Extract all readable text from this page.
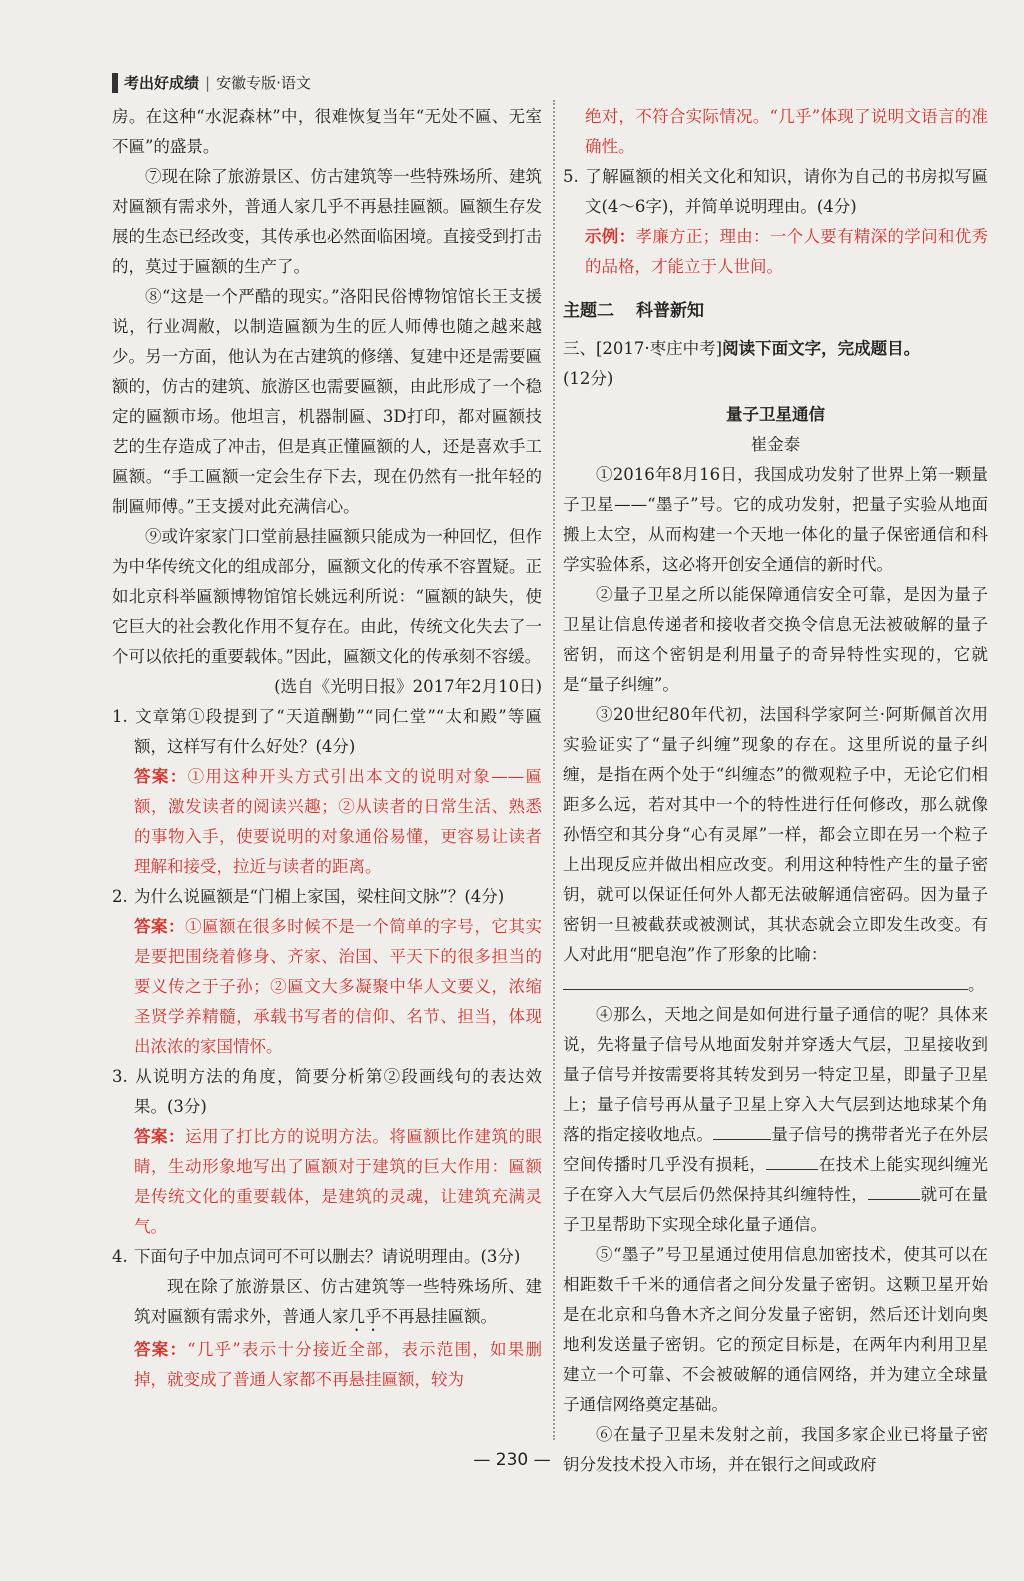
考出好成绩 | 安徽专版·语文

房。在这种“水泥森林”中，很难恢复当年“无处不匾、无室不匾”的盛景。

⑦现在除了旅游景区、仿古建筑等一些特殊场所、建筑对匾额有需求外，普通人家几乎不再悬挂匾额。匾额生存发展的生态已经改变，其传承也必然面临困境。直接受到打击的，莫过于匾额的生产了。

⑧“这是一个严酷的现实。”洛阳民俗博物馆馆长王支援说，行业凋敝，以制造匾额为生的匠人师傅也随之越来越少。另一方面，他认为在古建筑的修缮、复建中还是需要匾额的，仿古的建筑、旅游区也需要匾额，由此形成了一个稳定的匾额市场。他坦言，机器制匾、3D打印，都对匾额技艺的生存造成了冲击，但是真正懂匾额的人，还是喜欢手工匾额。“手工匾额一定会生存下去，现在仍然有一批年轻的制匾师傅。”王支援对此充满信心。

⑨或许家家门口堂前悬挂匾额只能成为一种回忆，但作为中华传统文化的组成部分，匾额文化的传承不容置疑。正如北京科举匾额博物馆馆长姚远利所说：“匾额的缺失，使它巨大的社会教化作用不复存在。由此，传统文化失去了一个可以依托的重要载体。”因此，匾额文化的传承刻不容缓。

(选自《光明日报》2017年2月10日)

1. 文章第①段提到了“天道酬勤”“同仁堂”“太和殿”等匾额，这样写有什么好处？(4分)

答案：①用这种开头方式引出本文的说明对象——匾额，激发读者的阅读兴趣；②从读者的日常生活、熟悉的事物入手，使要说明的对象通俗易懂，更容易让读者理解和接受，拉近与读者的距离。

2. 为什么说匾额是“门楣上家国，梁柱间文脉”？(4分)

答案：①匾额在很多时候不是一个简单的字号，它其实是要把围绕着修身、齐家、治国、平天下的很多担当的要义传之于子孙；②匾文大多凝聚中华人文要义，浓缩圣贤学养精髓，承载书写者的信仰、名节、担当，体现出浓浓的家国情怀。

3. 从说明方法的角度，简要分析第②段画线句的表达效果。(3分)

答案：运用了打比方的说明方法。将匾额比作建筑的眼睛，生动形象地写出了匾额对于建筑的巨大作用：匾额是传统文化的重要载体，是建筑的灵魂，让建筑充满灵气。

4. 下面句子中加点词可不可以删去？请说明理由。(3分)

现在除了旅游景区、仿古建筑等一些特殊场所、建筑对匾额有需求外，普通人家几乎不再悬挂匾额。

答案：“几乎”表示十分接近全部，表示范围，如果删掉，就变成了普通人家都不再悬挂匾额，较为

绝对，不符合实际情况。“几乎”体现了说明文语言的准确性。

5. 了解匾额的相关文化和知识，请你为自己的书房拟写匾文(4～6字)，并简单说明理由。(4分)

示例：孝廉方正；理由：一个人要有精深的学问和优秀的品格，才能立于人世间。

主题二 科普新知

三、[2017·枣庄中考]阅读下面文字，完成题目。

(12分)

量子卫星通信

崔金泰

①2016年8月16日，我国成功发射了世界上第一颗量子卫星——“墨子”号。它的成功发射，把量子实验从地面搬上太空，从而构建一个天地一体化的量子保密通信和科学实验体系，这必将开创安全通信的新时代。

②量子卫星之所以能保障通信安全可靠，是因为量子卫星让信息传递者和接收者交换令信息无法被破解的量子密钥，而这个密钥是利用量子的奇异特性实现的，它就是“量子纠缠”。

③20世纪80年代初，法国科学家阿兰·阿斯佩首次用实验证实了“量子纠缠”现象的存在。这里所说的量子纠缠，是指在两个处于“纠缠态”的微观粒子中，无论它们相距多么远，若对其中一个的特性进行任何修改，那么就像孙悟空和其分身“心有灵犀”一样，都会立即在另一个粒子上出现反应并做出相应改变。利用这种特性产生的量子密钥，就可以保证任何外人都无法破解通信密码。因为量子密钥一旦被截获或被测试，其状态就会立即发生改变。有人对此用“肥皂泡”作了形象的比喻：

。

④那么，天地之间是如何进行量子通信的呢？具体来说，先将量子信号从地面发射并穿透大气层，卫星接收到量子信号并按需要将其转发到另一特定卫星，即量子卫星上；量子信号再从量子卫星上穿入大气层到达地球某个角落的指定接收地点。	量子信号的携带者光子在外层空间传播时几乎没有损耗，	在技术上能实现纠缠光子在穿入大气层后仍然保持其纠缠特性，	就可在量子卫星帮助下实现全球化量子通信。

⑤“墨子”号卫星通过使用信息加密技术，使其可以在相距数千千米的通信者之间分发量子密钥。这颗卫星开始是在北京和乌鲁木齐之间分发量子密钥，然后还计划向奥地利发送量子密钥。它的预定目标是，在两年内利用卫星建立一个可靠、不会被破解的通信网络，并为建立全球量子通信网络奠定基础。

⑥在量子卫星未发射之前，我国多家企业已将量子密钥分发技术投入市场，并在银行之间或政府

— 230 —
